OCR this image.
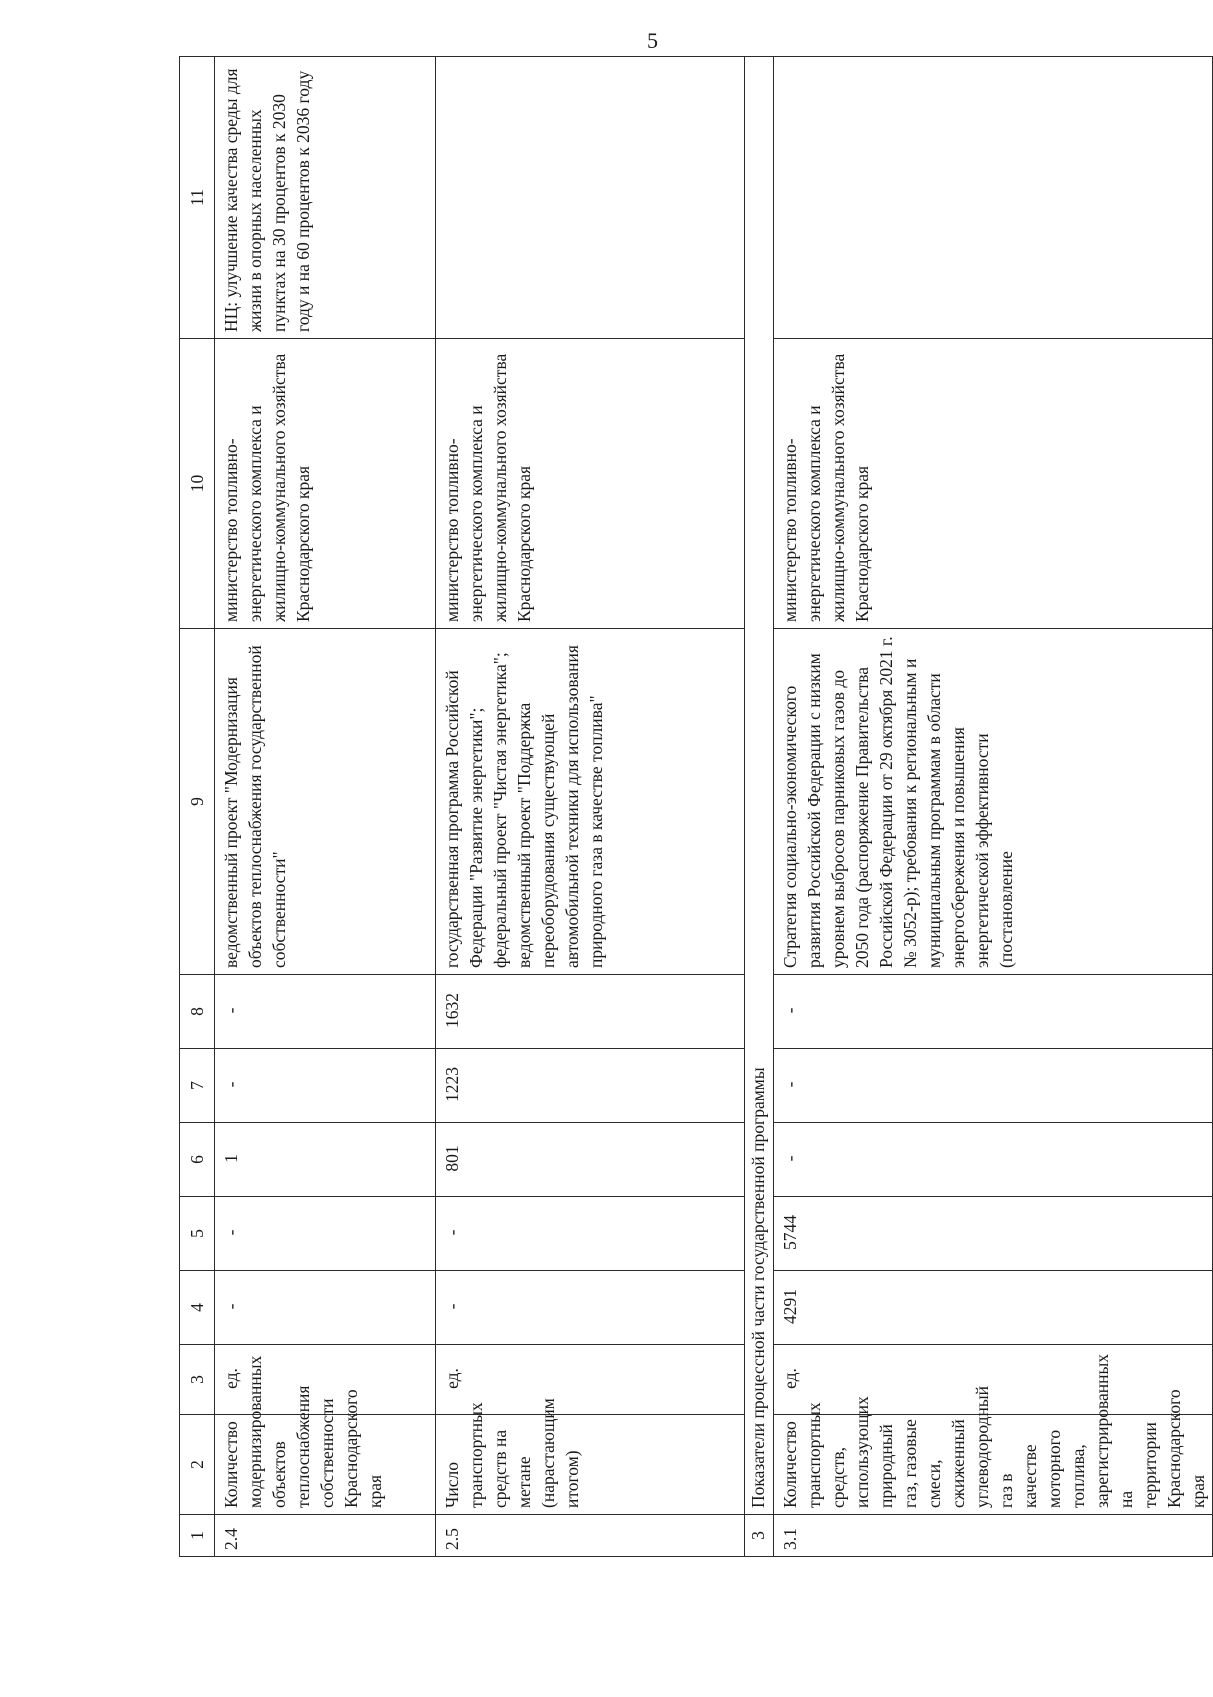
5
1	2	3	4	5	6	7	8	9	10	11
2.4	Количество модернизированных объектов теплоснабжения собственности Краснодарского края	ед.	-	-	1	-	-	ведомственный проект "Модернизация объектов теплоснабжения государственной собственности"	министерство топливно-энергетического комплекса и жилищно-коммунального хозяйства Краснодарского края	НЦ: улучшение качества среды для жизни в опорных населенных пунктах на 30 процентов к 2030 году и на 60 процентов к 2036 году
2.5	Число транспортных средств на метане (нарастающим итогом)	ед.	-	-	801	1223	1632	государственная программа Российской Федерации "Развитие энергетики"; федеральный проект "Чистая энергетика"; ведомственный проект "Поддержка переоборудования существующей автомобильной техники для использования природного газа в качестве топлива"	министерство топливно-энергетического комплекса и жилищно-коммунального хозяйства Краснодарского края	
3	Показатели процессной части государственной программы									
3.1	Количество транспортных средств, использующих природный газ, газовые смеси, сжиженный углеводородный газ в качестве моторного топлива, зарегистрированных на территории Краснодарского края	ед.	4291	5744	-	-	-	Стратегия социально-экономического развития Российской Федерации с низким уровнем выбросов парниковых газов до 2050 года (распоряжение Правительства Российской Федерации от 29 октября 2021 г. № 3052-р); требования к региональным и муниципальным программам в области энергосбережения и повышения энергетической эффективности (постановление	министерство топливно-энергетического комплекса и жилищно-коммунального хозяйства Краснодарского края	
